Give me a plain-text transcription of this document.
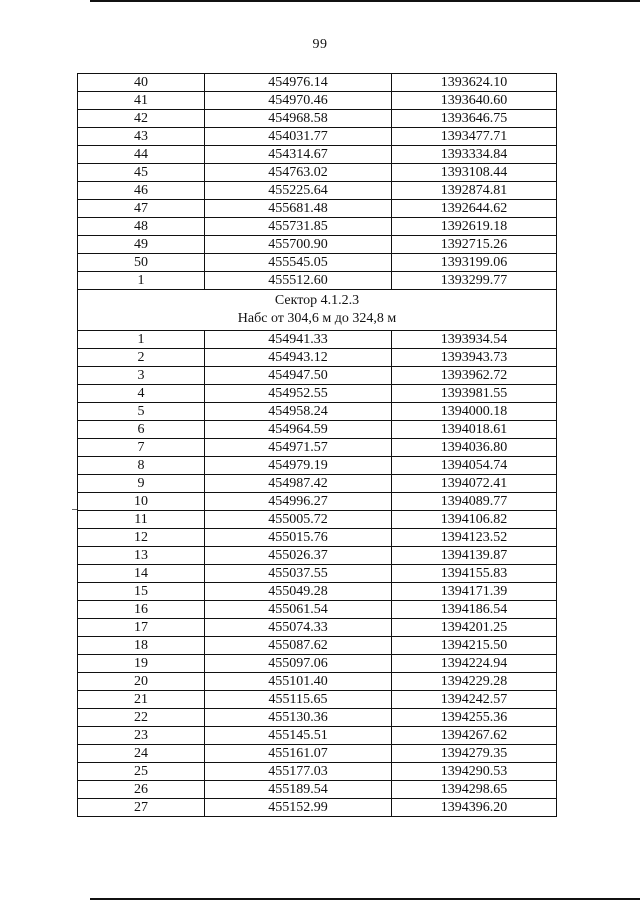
99
40	454976.14	1393624.10
41	454970.46	1393640.60
42	454968.58	1393646.75
43	454031.77	1393477.71
44	454314.67	1393334.84
45	454763.02	1393108.44
46	455225.64	1392874.81
47	455681.48	1392644.62
48	455731.85	1392619.18
49	455700.90	1392715.26
50	455545.05	1393199.06
1	455512.60	1393299.77

Сектор 4.1.2.3
Набс от 304,6 м до 324,8 м		

1	454941.33	1393934.54
2	454943.12	1393943.73
3	454947.50	1393962.72
4	454952.55	1393981.55
5	454958.24	1394000.18
6	454964.59	1394018.61
7	454971.57	1394036.80
8	454979.19	1394054.74
9	454987.42	1394072.41
10	454996.27	1394089.77
11	455005.72	1394106.82
12	455015.76	1394123.52
13	455026.37	1394139.87
14	455037.55	1394155.83
15	455049.28	1394171.39
16	455061.54	1394186.54
17	455074.33	1394201.25
18	455087.62	1394215.50
19	455097.06	1394224.94
20	455101.40	1394229.28
21	455115.65	1394242.57
22	455130.36	1394255.36
23	455145.51	1394267.62
24	455161.07	1394279.35
25	455177.03	1394290.53
26	455189.54	1394298.65
27	455152.99	1394396.20
